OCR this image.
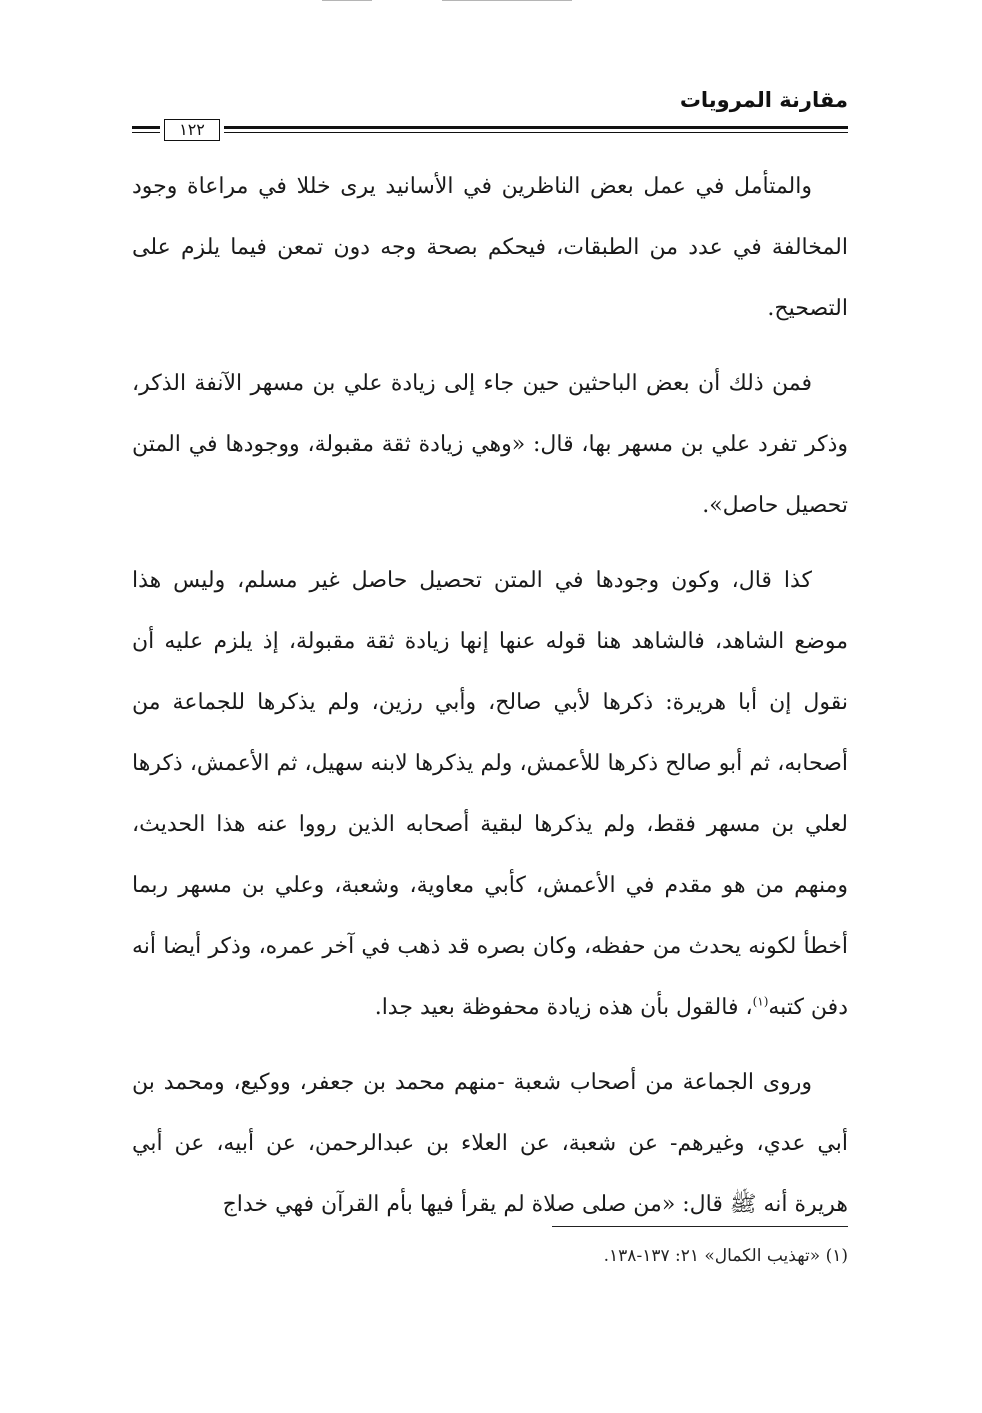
مقارنة المرويات
١٢٢

والمتأمل في عمل بعض الناظرين في الأسانيد يرى خللا في مراعاة وجود المخالفة في عدد من الطبقات، فيحكم بصحة وجه دون تمعن فيما يلزم على التصحيح.

فمن ذلك أن بعض الباحثين حين جاء إلى زيادة علي بن مسهر الآنفة الذكر، وذكر تفرد علي بن مسهر بها، قال: «وهي زيادة ثقة مقبولة، ووجودها في المتن تحصيل حاصل».

كذا قال، وكون وجودها في المتن تحصيل حاصل غير مسلم، وليس هذا موضع الشاهد، فالشاهد هنا قوله عنها إنها زيادة ثقة مقبولة، إذ يلزم عليه أن نقول إن أبا هريرة: ذكرها لأبي صالح، وأبي رزين، ولم يذكرها للجماعة من أصحابه، ثم أبو صالح ذكرها للأعمش، ولم يذكرها لابنه سهيل، ثم الأعمش، ذكرها لعلي بن مسهر فقط، ولم يذكرها لبقية أصحابه الذين رووا عنه هذا الحديث، ومنهم من هو مقدم في الأعمش، كأبي معاوية، وشعبة، وعلي بن مسهر ربما أخطأ لكونه يحدث من حفظه، وكان بصره قد ذهب في آخر عمره، وذكر أيضا أنه دفن كتبه$^{(١)}$، فالقول بأن هذه زيادة محفوظة بعيد جدا.

وروى الجماعة من أصحاب شعبة -منهم محمد بن جعفر، ووكيع، ومحمد بن أبي عدي، وغيرهم- عن شعبة، عن العلاء بن عبدالرحمن، عن أبيه، عن أبي هريرة أنه ﷺ قال: «من صلى صلاة لم يقرأ فيها بأم القرآن فهي خداج

(١) «تهذيب الكمال» ٢١: ١٣٧-١٣٨.
